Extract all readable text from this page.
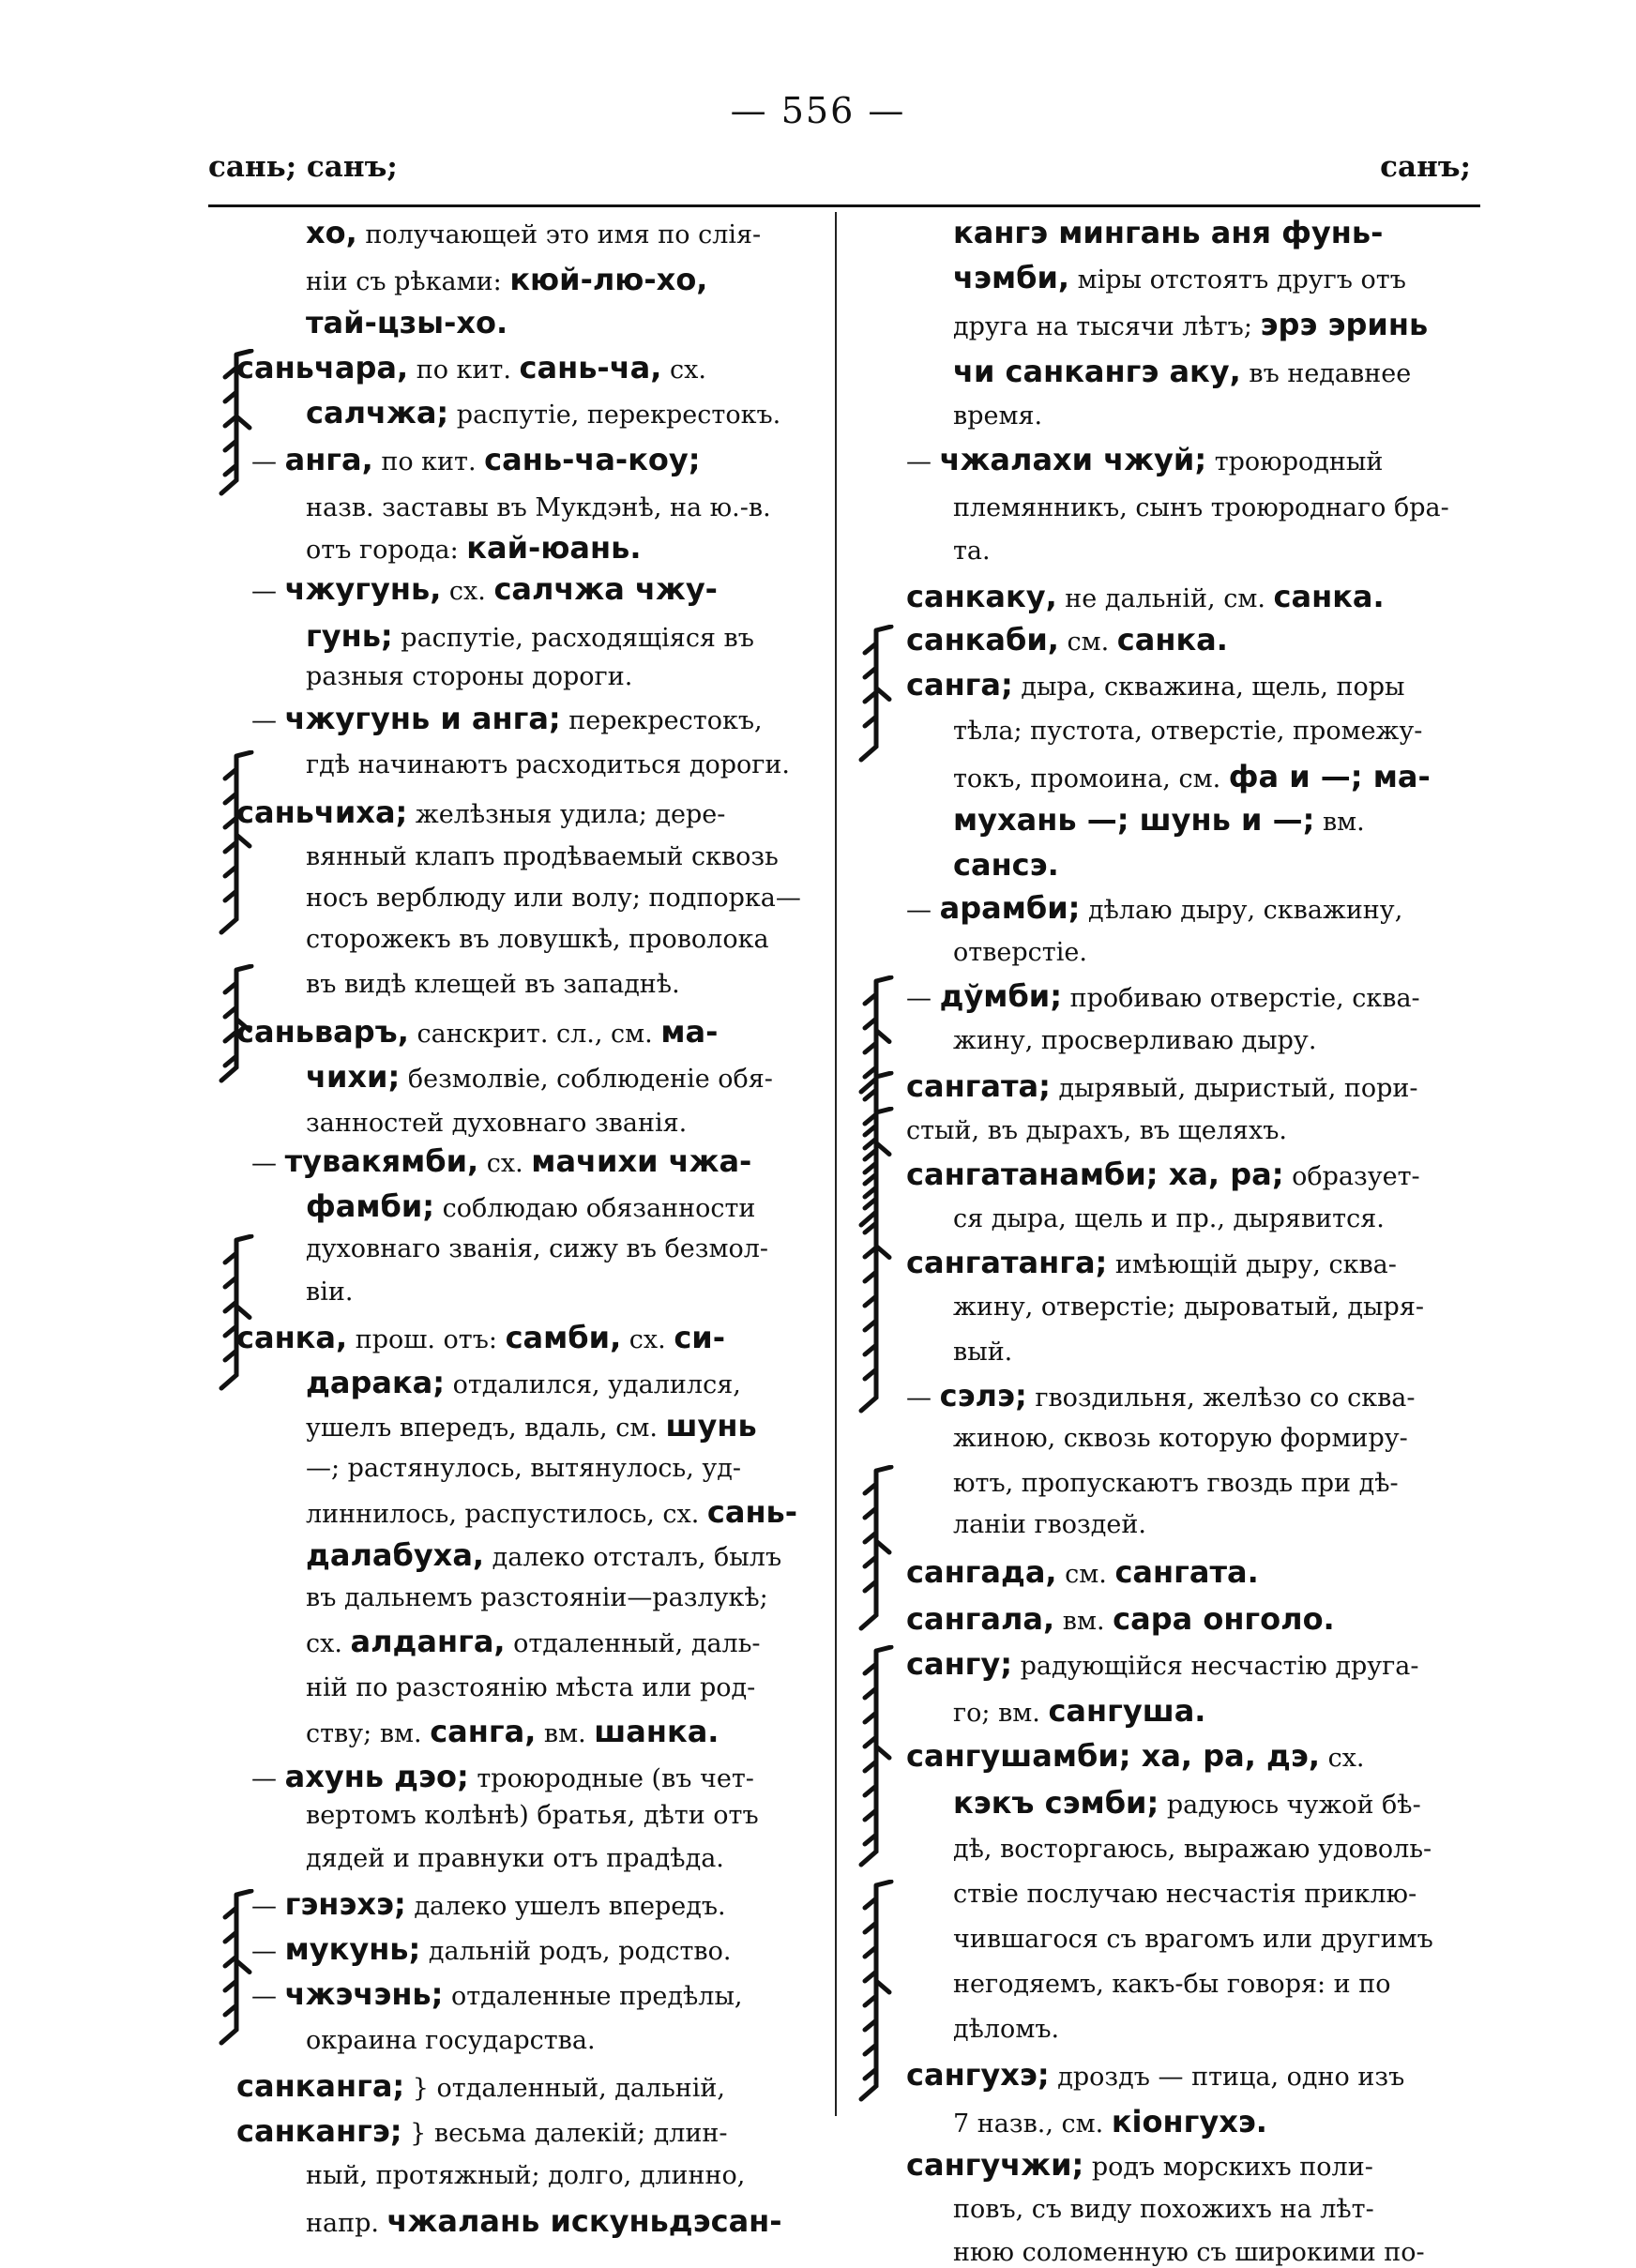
— 556 —
сань; санъ;	санъ;
хо, получающей это имя по слія-
ніи съ рѣками: кюй-лю-хо,
тай-цзы-хо.
саньчара, по кит. сань-ча, сх.
салчжа; распутіе, перекрестокъ.
— анга, по кит. сань-ча-коу;
назв. заставы въ Мукдэнѣ, на ю.-в.
отъ города: кай-юань.
— чжугунь, сх. салчжа чжу-
гунь; распутіе, расходящіяся въ
разныя стороны дороги.
— чжугунь и анга; перекрестокъ,
гдѣ начинаютъ расходиться дороги.
саньчиха; желѣзныя удила; дере-
вянный клапъ продѣваемый сквозь
носъ верблюду или волу; подпорка—
сторожекъ въ ловушкѣ, проволока
въ видѣ клещей въ западнѣ.
саньваръ, санскрит. сл., см. ма-
чихи; безмолвіе, соблюденіе обя-
занностей духовнаго званія.
— тувакямби, сх. мачихи чжа-
фамби; соблюдаю обязанности
духовнаго званія, сижу въ безмол-
віи.
санка, прош. отъ: самби, сх. си-
дарака; отдалился, удалился,
ушелъ впередъ, вдаль, см. шунь
—; растянулось, вытянулось, уд-
линнилось, распустилось, сх. сань-
далабуха, далеко отсталъ, былъ
въ дальнемъ разстояніи—разлукѣ;
сх. алданга, отдаленный, даль-
ній по разстоянію мѣста или род-
ству; вм. санга, вм. шанка.
— ахунь дэо; троюродные (въ чет-
вертомъ колѣнѣ) братья, дѣти отъ
дядей и правнуки отъ прадѣда.
— гэнэхэ; далеко ушелъ впередъ.
— мукунь; дальній родъ, родство.
— чжэчэнь; отдаленные предѣлы,
окраина государства.
санканга; } отдаленный, дальній,
санкангэ; } весьма далекій; длин-
ный, протяжный; долго, длинно,
напр. чжалань искуньдэсан-
кангэ мингань аня фунь-
чэмби, міры отстоятъ другъ отъ
друга на тысячи лѣтъ; эрэ эринь
чи санкангэ аку, въ недавнее
время.
— чжалахи чжуй; троюродный
племянникъ, сынъ троюроднаго бра-
та.
санкаку, не дальній, см. санка.
санкаби, см. санка.
санга; дыра, скважина, щель, поры
тѣла; пустота, отверстіе, промежу-
токъ, промоина, см. фа и —; ма-
мухань —; шунь и —; вм.
сансэ.
— арамби; дѣлаю дыру, скважину,
отверстіе.
— дўмби; пробиваю отверстіе, сква-
жину, просверливаю дыру.
сангата; дырявый, дыристый, пори-
стый, въ дырахъ, въ щеляхъ.
сангатанамби; ха, ра; образует-
ся дыра, щель и пр., дырявится.
сангатанга; имѣющій дыру, сква-
жину, отверстіе; дыроватый, дыря-
вый.
— сэлэ; гвоздильня, желѣзо со сква-
жиною, сквозь которую формиру-
ютъ, пропускаютъ гвоздь при дѣ-
ланіи гвоздей.
сангада, см. сангата.
сангала, вм. сара онголо.
сангу; радующійся несчастію друга-
го; вм. сангуша.
сангушамби; ха, ра, дэ, сх.
кэкъ сэмби; радуюсь чужой бѣ-
дѣ, восторгаюсь, выражаю удоволь-
ствіе послучаю несчастія приклю-
чившагося съ врагомъ или другимъ
негодяемъ, какъ-бы говоря: и по
дѣломъ.
сангухэ; дроздъ — птица, одно изъ
7 назв., см. кіонгухэ.
сангучжи; родъ морскихъ поли-
повъ, съ виду похожихъ на лѣт-
нюю соломенную съ широкими по-
